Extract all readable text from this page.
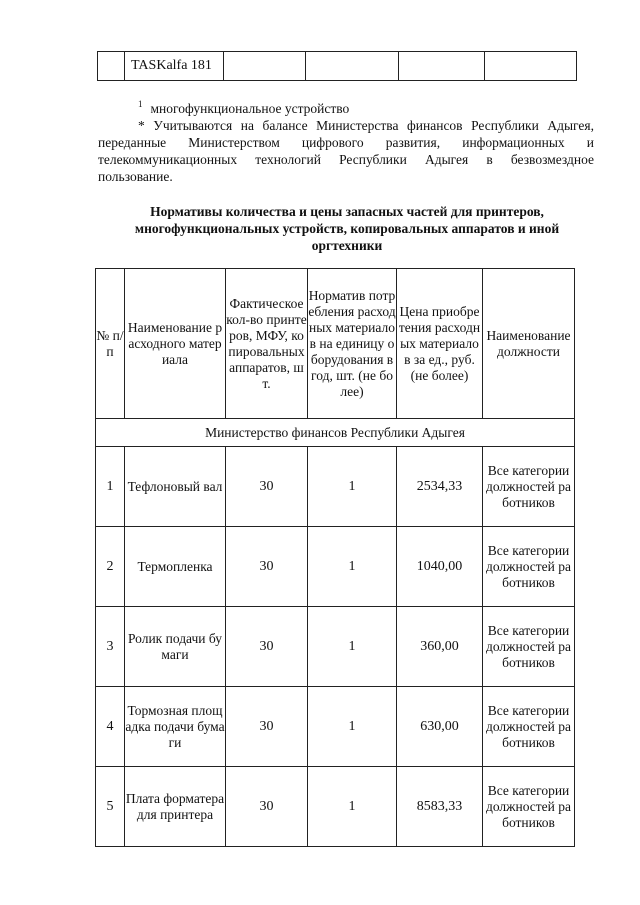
	TASKalfa 181				

$^1$ многофункциональное устройство

* Учитываются на балансе Министерства финансов Республики Адыгея, переданные Министерством цифрового развития, информационных и телекоммуникационных технологий Республики Адыгея в безвозмездное пользование.

Нормативы количества и цены запасных частей для принтеров, многофункциональных устройств, копировальных аппаратов и иной оргтехники
№ п/п	Наименование расходного материала	Фактическое кол-во принтеров, МФУ, копировальных аппаратов, шт.	Норматив потребления расходных материалов на единицу оборудования в год, шт. (не более)	Цена приобретения расходных материалов за ед., руб. (не более)	Наименование должности
Министерство финансов Республики Адыгея					
1	Тефлоновый вал	30	1	2534,33	Все категории должностей работников
2	Термопленка	30	1	1040,00	Все категории должностей работников
3	Ролик подачи бумаги	30	1	360,00	Все категории должностей работников
4	Тормозная площадка подачи бумаги	30	1	630,00	Все категории должностей работников
5	Плата форматера для принтера	30	1	8583,33	Все категории должностей работников
